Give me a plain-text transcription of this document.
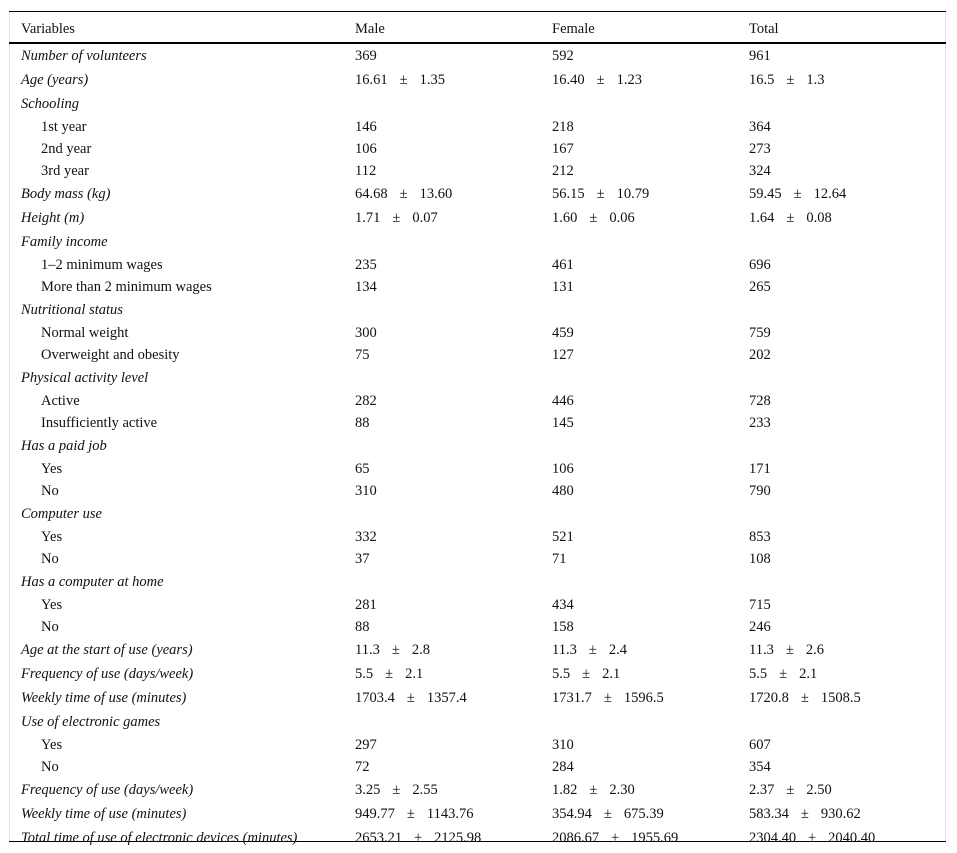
Variables	Male	Female	Total
Number of volunteers	369	592	961
Age (years)	16.61 ± 1.35	16.40 ± 1.23	16.5 ± 1.3
Schooling			
1st year	146	218	364
2nd year	106	167	273
3rd year	112	212	324
Body mass (kg)	64.68 ± 13.60	56.15 ± 10.79	59.45 ± 12.64
Height (m)	1.71 ± 0.07	1.60 ± 0.06	1.64 ± 0.08
Family income			
1–2 minimum wages	235	461	696
More than 2 minimum wages	134	131	265
Nutritional status			
Normal weight	300	459	759
Overweight and obesity	75	127	202
Physical activity level			
Active	282	446	728
Insufficiently active	88	145	233
Has a paid job			
Yes	65	106	171
No	310	480	790
Computer use			
Yes	332	521	853
No	37	71	108
Has a computer at home			
Yes	281	434	715
No	88	158	246
Age at the start of use (years)	11.3 ± 2.8	11.3 ± 2.4	11.3 ± 2.6
Frequency of use (days/week)	5.5 ± 2.1	5.5 ± 2.1	5.5 ± 2.1
Weekly time of use (minutes)	1703.4 ± 1357.4	1731.7 ± 1596.5	1720.8 ± 1508.5
Use of electronic games			
Yes	297	310	607
No	72	284	354
Frequency of use (days/week)	3.25 ± 2.55	1.82 ± 2.30	2.37 ± 2.50
Weekly time of use (minutes)	949.77 ± 1143.76	354.94 ± 675.39	583.34 ± 930.62
Total time of use of electronic devices (minutes)	2653.21 ± 2125.98	2086.67 ± 1955.69	2304.40 ± 2040.40
